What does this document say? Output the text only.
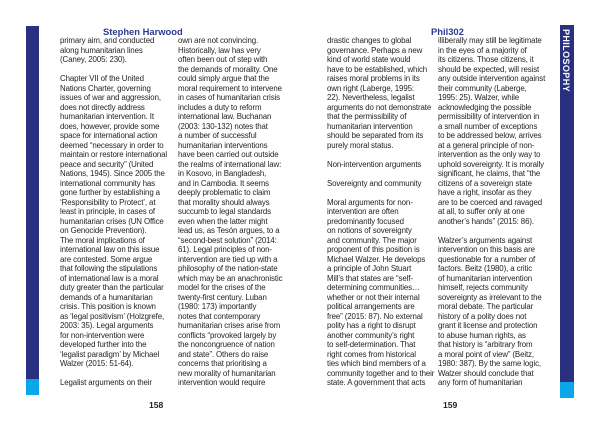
PHILOSOPHY
Stephen Harwood	Phil302
primary aim, and conducted
along humanitarian lines
(Caney, 2005: 230).
Chapter VII of the United
Nations Charter, governing
issues of war and aggression,
does not directly address
humanitarian intervention. It
does, however, provide some
space for international action
deemed “necessary in order to
maintain or restore international
peace and security” (United
Nations, 1945). Since 2005 the
international community has
gone further by establishing a
‘Responsibility to Protect’, at
least in principle, in cases of
humanitarian crises (UN Office
on Genocide Prevention).
The moral implications of
international law on this issue
are contested. Some argue
that following the stipulations
of international law is a moral
duty greater than the particular
demands of a humanitarian
crisis. This position is known
as ‘legal positivism’ (Holzgrefe,
2003: 35). Legal arguments
for non-intervention were
developed further into the
‘legalist paradigm’ by Michael
Walzer (2015: 51-64).
Legalist arguments on their
own are not convincing.
Historically, law has very
often been out of step with
the demands of morality. One
could simply argue that the
moral requirement to intervene
in cases of humanitarian crisis
includes a duty to reform
international law. Buchanan
(2003: 130-132) notes that
a number of successful
humanitarian interventions
have been carried out outside
the realms of international law:
in Kosovo, in Bangladesh,
and in Cambodia. It seems
deeply problematic to claim
that morality should always
succumb to legal standards
even when the latter might
lead us, as Tesón argues, to a
“second-best solution” (2014:
61). Legal principles of non-
intervention are tied up with a
philosophy of the nation-state
which may be an anachronistic
model for the crises of the
twenty-first century. Luban
(1980: 173) importantly
notes that contemporary
humanitarian crises arise from
conflicts “provoked largely by
the noncongruence of nation
and state”. Others do raise
concerns that prioritising a
new morality of humanitarian
intervention would require
drastic changes to global
governance. Perhaps a new
kind of world state would
have to be established, which
raises moral problems in its
own right (Laberge, 1995:
22). Nevertheless, legalist
arguments do not demonstrate
that the permissibility of
humanitarian intervention
should be separated from its
purely moral status.
Non-intervention arguments
Sovereignty and community
Moral arguments for non-
intervention are often
predominantly focused
on notions of sovereignty
and community. The major
proponent of this position is
Michael Walzer. He develops
a principle of John Stuart
Mill’s that states are “self-
determining communities…
whether or not their internal
political arrangements are
free” (2015: 87). No external
polity has a right to disrupt
another community’s right
to self-determination. That
right comes from historical
ties which bind members of a
community together and to their
state. A government that acts
illiberally may still be legitimate
in the eyes of a majority of
its citizens. Those citizens, it
should be expected, will resist
any outside intervention against
their community (Laberge,
1995: 25). Walzer, while
acknowledging the possible
permissibility of intervention in
a small number of exceptions
to be addressed below, arrives
at a general principle of non-
intervention as the only way to
uphold sovereignty. It is morally
significant, he claims, that “the
citizens of a sovereign state
have a right, insofar as they
are to be coerced and ravaged
at all, to suffer only at one
another’s hands” (2015: 86).
Walzer’s arguments against
intervention on this basis are
questionable for a number of
factors. Beitz (1980), a critic
of humanitarian intervention
himself, rejects community
sovereignty as irrelevant to the
moral debate. The particular
history of a polity does not
grant it license and protection
to abuse human rights, as
that history is “arbitrary from
a moral point of view” (Beitz,
1980: 387). By the same logic,
Walzer should conclude that
any form of humanitarian
158	159
